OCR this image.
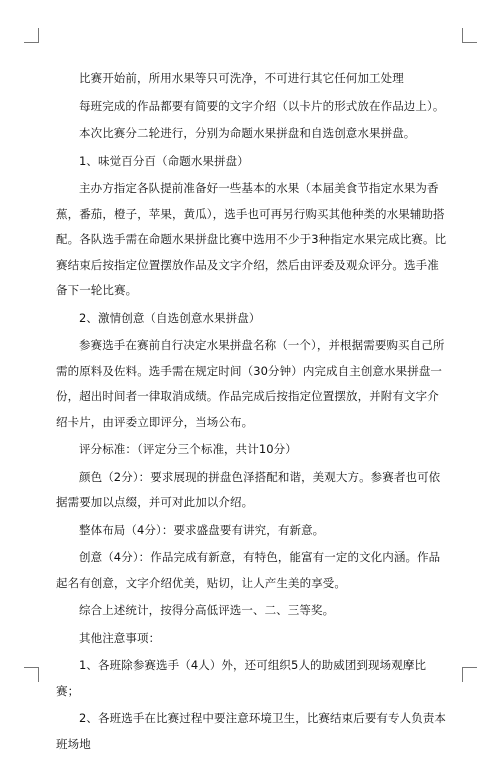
比赛开始前，所用水果等只可洗净，不可进行其它任何加工处理

每班完成的作品都要有简要的文字介绍（以卡片的形式放在作品边上）。

本次比赛分二轮进行，分别为命题水果拼盘和自选创意水果拼盘。

1、味觉百分百（命题水果拼盘）

主办方指定各队提前准备好一些基本的水果（本届美食节指定水果为香蕉，番茄，橙子，苹果，黄瓜），选手也可再另行购买其他种类的水果辅助搭配。各队选手需在命题水果拼盘比赛中选用不少于3种指定水果完成比赛。比赛结束后按指定位置摆放作品及文字介绍，然后由评委及观众评分。选手准备下一轮比赛。

2、激情创意（自选创意水果拼盘）

参赛选手在赛前自行决定水果拼盘名称（一个），并根据需要购买自己所需的原料及佐料。选手需在规定时间（30分钟）内完成自主创意水果拼盘一份，超出时间者一律取消成绩。作品完成后按指定位置摆放，并附有文字介绍卡片，由评委立即评分，当场公布。

评分标准：（评定分三个标准，共计10分）

颜色（2分）：要求展现的拼盘色泽搭配和谐，美观大方。参赛者也可依据需要加以点缀，并可对此加以介绍。

整体布局（4分）：要求盛盘要有讲究，有新意。

创意（4分）：作品完成有新意，有特色，能富有一定的文化内涵。作品起名有创意，文字介绍优美，贴切，让人产生美的享受。

综合上述统计，按得分高低评选一、二、三等奖。

其他注意事项：

1、各班除参赛选手（4人）外，还可组织5人的助威团到现场观摩比赛；

2、各班选手在比赛过程中要注意环境卫生，比赛结束后要有专人负责本班场地
